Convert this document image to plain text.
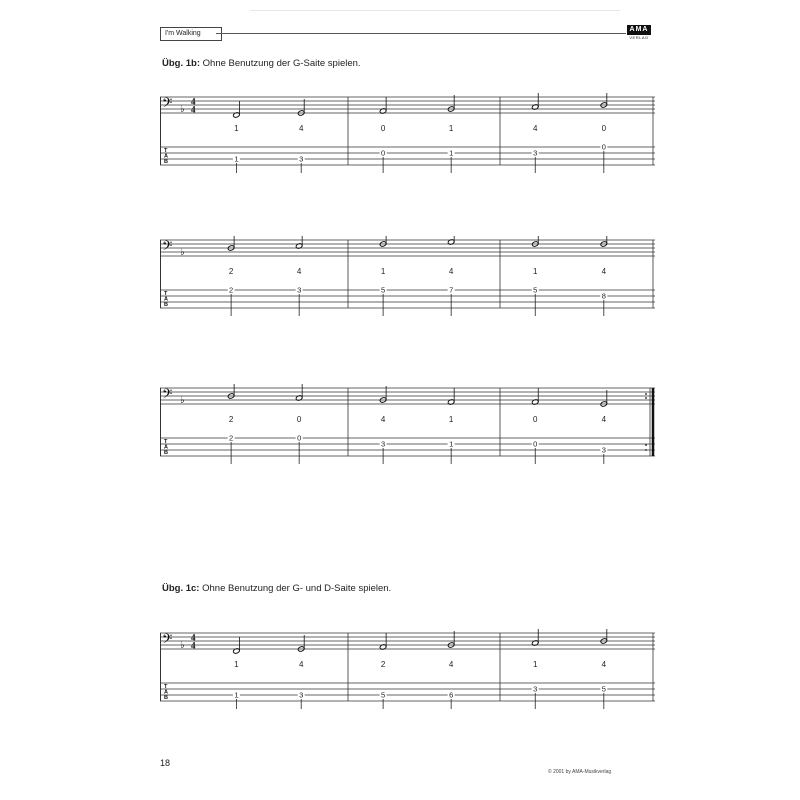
I'm Walking
AMA
VERLAG
Übg. 1b: Ohne Benutzung der G-Saite spielen.
𝄢 ♭
4
4
T
A
B
1
1
4
3
0
0
1
1
4
3
0
0
𝄢 ♭
T
A
B
2
2
4
3
1
5
4
7
1
5
4
8
𝄢 ♭
T
A
B
2
2
0
0
4
3
1
1
0
0
4
3
Übg. 1c: Ohne Benutzung der G- und D-Saite spielen.
𝄢 ♭
4
4
T
A
B
1
1
4
3
2
5
4
6
1
3
4
5
18
© 2001 by AMA-Musikverlag
